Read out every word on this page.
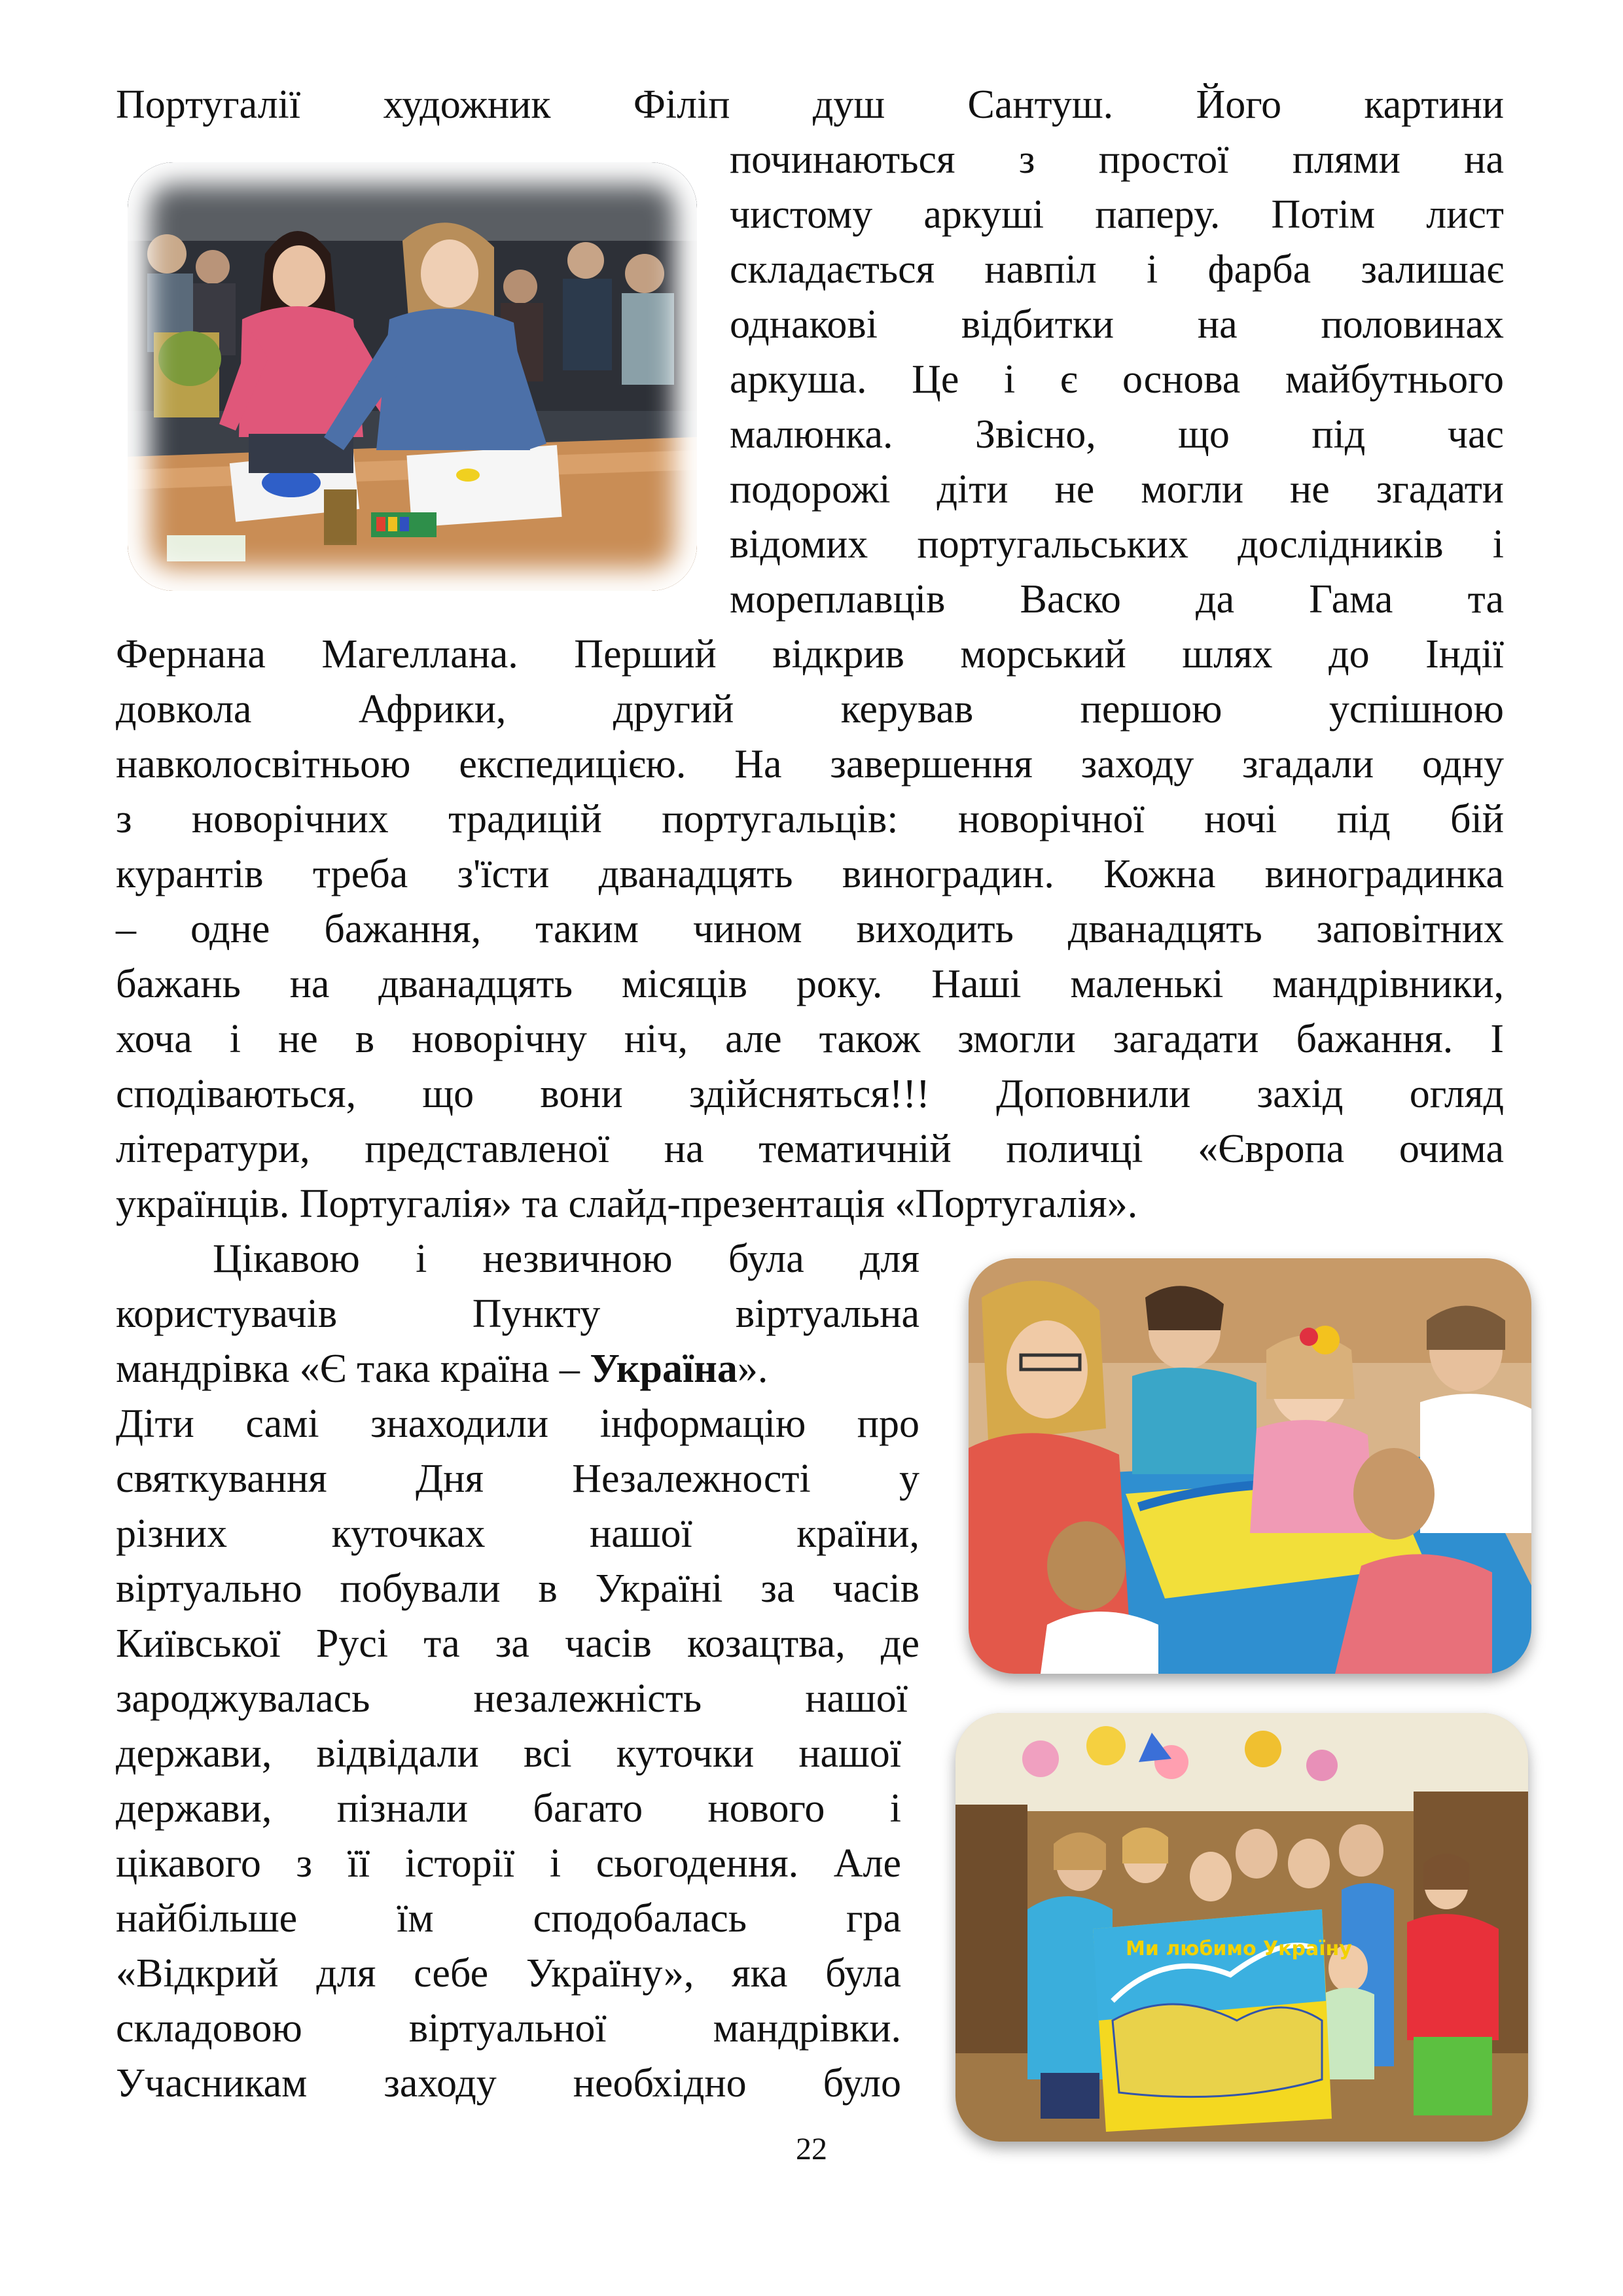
Ми любимо Україну
Португалії художник Філіп душ Сантуш. Його картини
починаються з простої плями на
чистому аркуші паперу. Потім лист
складається навпіл і фарба залишає
однакові відбитки на половинах
аркуша. Це і є основа майбутнього
малюнка. Звісно, що під час
подорожі діти не могли не згадати
відомих португальських дослідників і
мореплавців Васко да Гама та
Фернана Магеллана. Перший відкрив морський шлях до Індії
довкола Африки, другий керував першою успішною
навколосвітньою експедицією. На завершення заходу згадали одну
з новорічних традицій португальців: новорічної ночі під бій
курантів треба з'їсти дванадцять виноградин. Кожна виноградинка
– одне бажання, таким чином виходить дванадцять заповітних
бажань на дванадцять місяців року. Наші маленькі мандрівники,
хоча і не в новорічну ніч, але також змогли загадати бажання. І
сподіваються, що вони здійсняться!!! Доповнили захід огляд
літератури, представленої на тематичній поличці «Європа очима
українців. Португалія» та слайд-презентація «Португалія».
Цікавою і незвичною була для
користувачів Пункту віртуальна
мандрівка «Є така країна – Україна».
Діти самі знаходили інформацію про
святкування Дня Незалежності у
різних куточках нашої країни,
віртуально побували в Україні за часів
Київської Русі та за часів козацтва, де
зароджувалась незалежність нашої
держави, відвідали всі куточки нашої
держави, пізнали багато нового і
цікавого з її історії і сьогодення. Але
найбільше їм сподобалась гра
«Відкрий для себе Україну», яка була
складовою віртуальної мандрівки.
Учасникам заходу необхідно було
22
